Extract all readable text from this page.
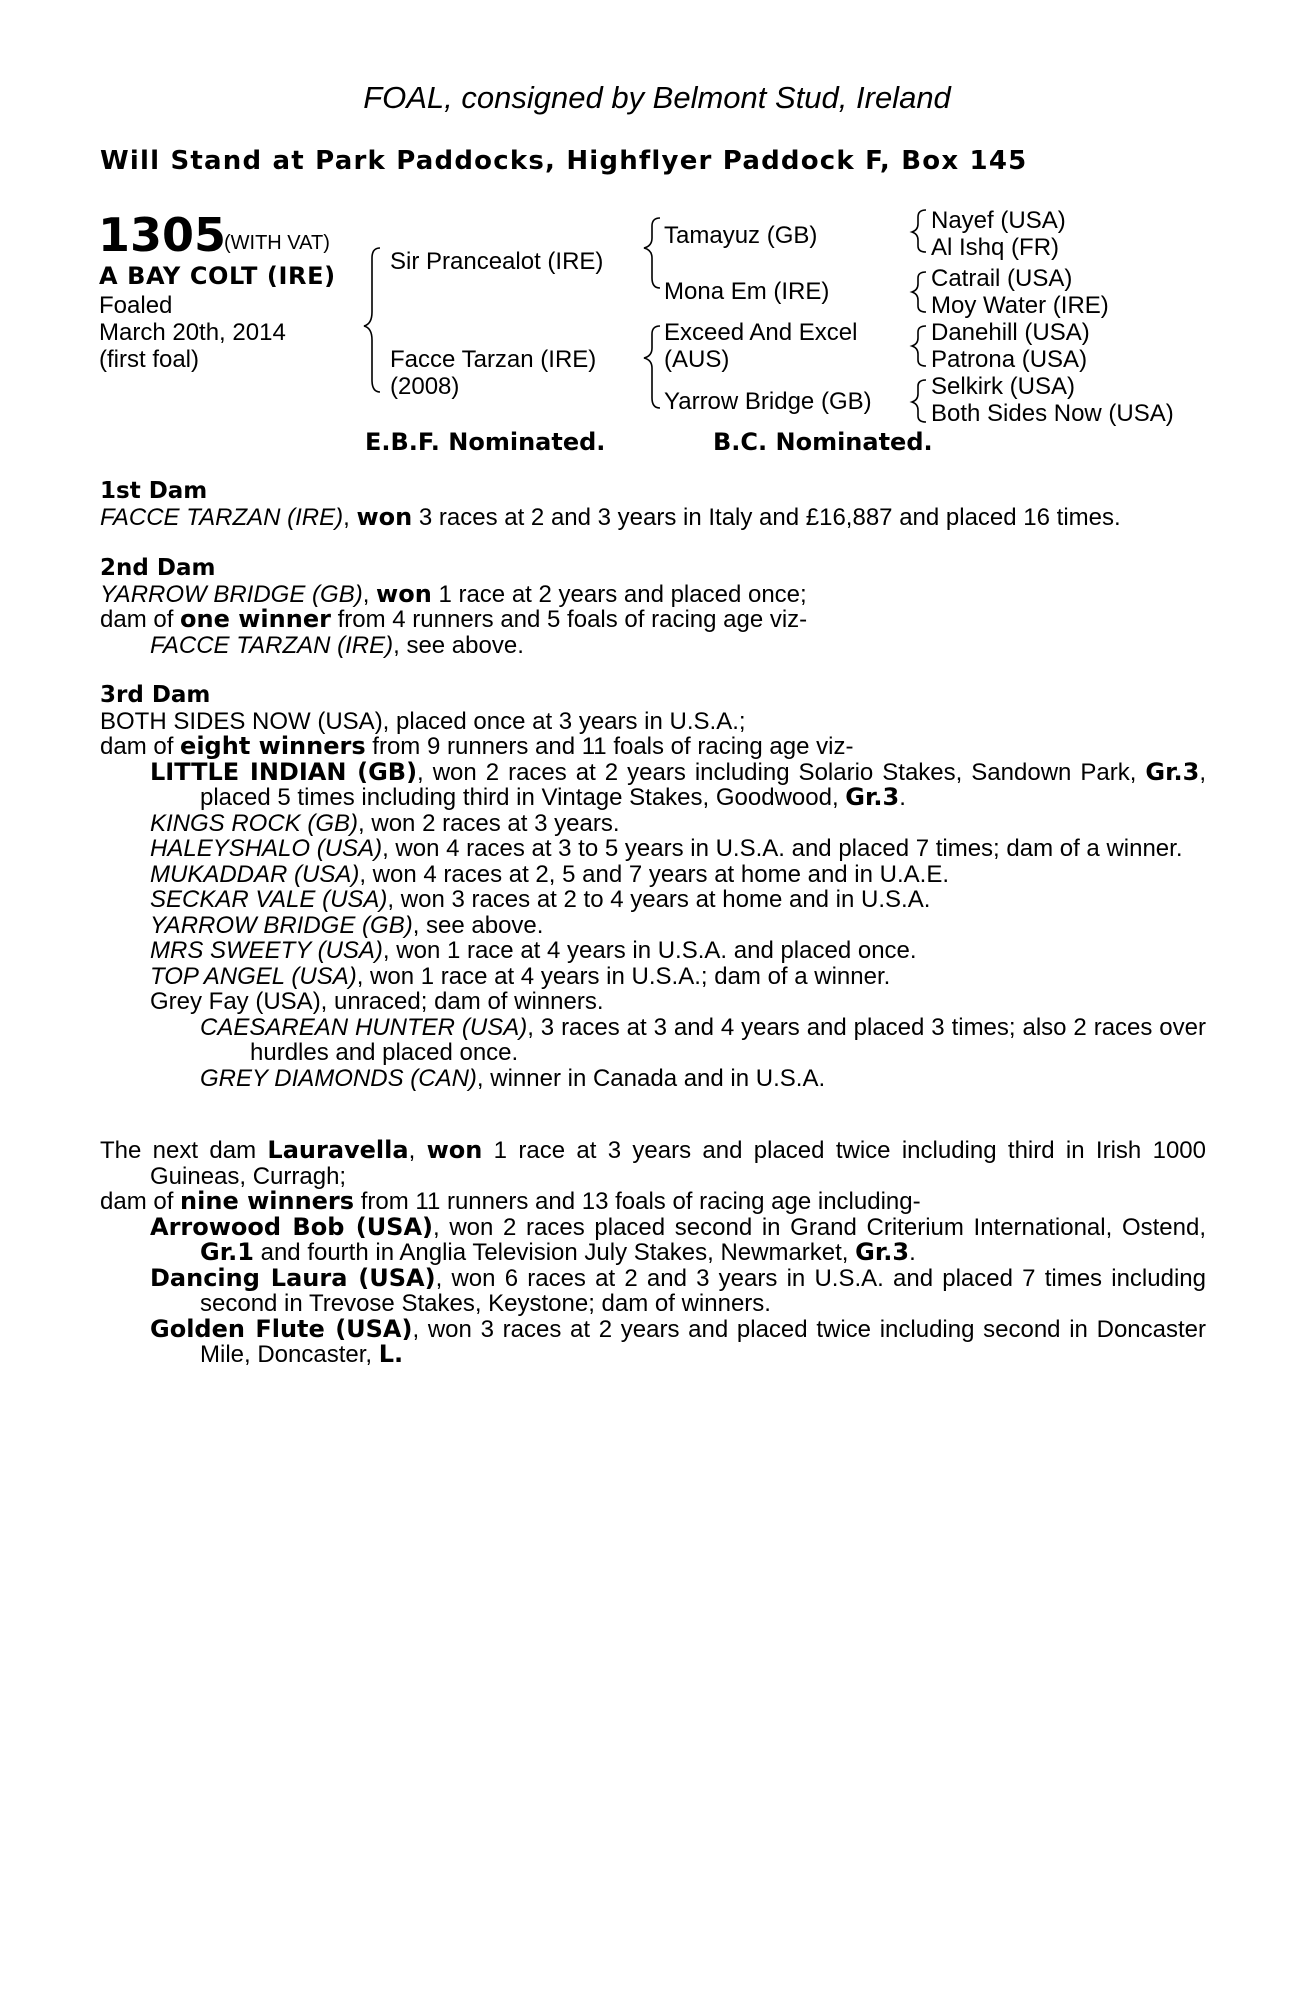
FOAL, consigned by Belmont Stud, Ireland
Will Stand at Park Paddocks, Highflyer Paddock F, Box 145
1305
(WITH VAT)
A BAY COLT (IRE)
Foaled
March 20th, 2014
(first foal)
Sir Prancealot (IRE)
Facce Tarzan (IRE)
(2008)
Tamayuz (GB)
Mona Em (IRE)
Exceed And Excel
(AUS)
Yarrow Bridge (GB)
Nayef (USA)
Al Ishq (FR)
Catrail (USA)
Moy Water (IRE)
Danehill (USA)
Patrona (USA)
Selkirk (USA)
Both Sides Now (USA)
E.B.F. Nominated.	B.C. Nominated.
1st Dam
FACCE TARZAN (IRE), won 3 races at 2 and 3 years in Italy and £16,887 and placed 16 times.
2nd Dam
YARROW BRIDGE (GB), won 1 race at 2 years and placed once;
dam of one winner from 4 runners and 5 foals of racing age viz-
FACCE TARZAN (IRE), see above.
3rd Dam
BOTH SIDES NOW (USA), placed once at 3 years in U.S.A.;
dam of eight winners from 9 runners and 11 foals of racing age viz-
LITTLE INDIAN (GB), won 2 races at 2 years including Solario Stakes, Sandown Park, Gr.3, placed 5 times including third in Vintage Stakes, Goodwood, Gr.3.
KINGS ROCK (GB), won 2 races at 3 years.
HALEYSHALO (USA), won 4 races at 3 to 5 years in U.S.A. and placed 7 times; dam of a winner.
MUKADDAR (USA), won 4 races at 2, 5 and 7 years at home and in U.A.E.
SECKAR VALE (USA), won 3 races at 2 to 4 years at home and in U.S.A.
YARROW BRIDGE (GB), see above.
MRS SWEETY (USA), won 1 race at 4 years in U.S.A. and placed once.
TOP ANGEL (USA), won 1 race at 4 years in U.S.A.; dam of a winner.
Grey Fay (USA), unraced; dam of winners.
CAESAREAN HUNTER (USA), 3 races at 3 and 4 years and placed 3 times; also 2 races over hurdles and placed once.
GREY DIAMONDS (CAN), winner in Canada and in U.S.A.
The next dam Lauravella, won 1 race at 3 years and placed twice including third in Irish 1000 Guineas, Curragh;
dam of nine winners from 11 runners and 13 foals of racing age including-
Arrowood Bob (USA), won 2 races placed second in Grand Criterium International, Ostend, Gr.1 and fourth in Anglia Television July Stakes, Newmarket, Gr.3.
Dancing Laura (USA), won 6 races at 2 and 3 years in U.S.A. and placed 7 times including second in Trevose Stakes, Keystone; dam of winners.
Golden Flute (USA), won 3 races at 2 years and placed twice including second in Doncaster Mile, Doncaster, L.
